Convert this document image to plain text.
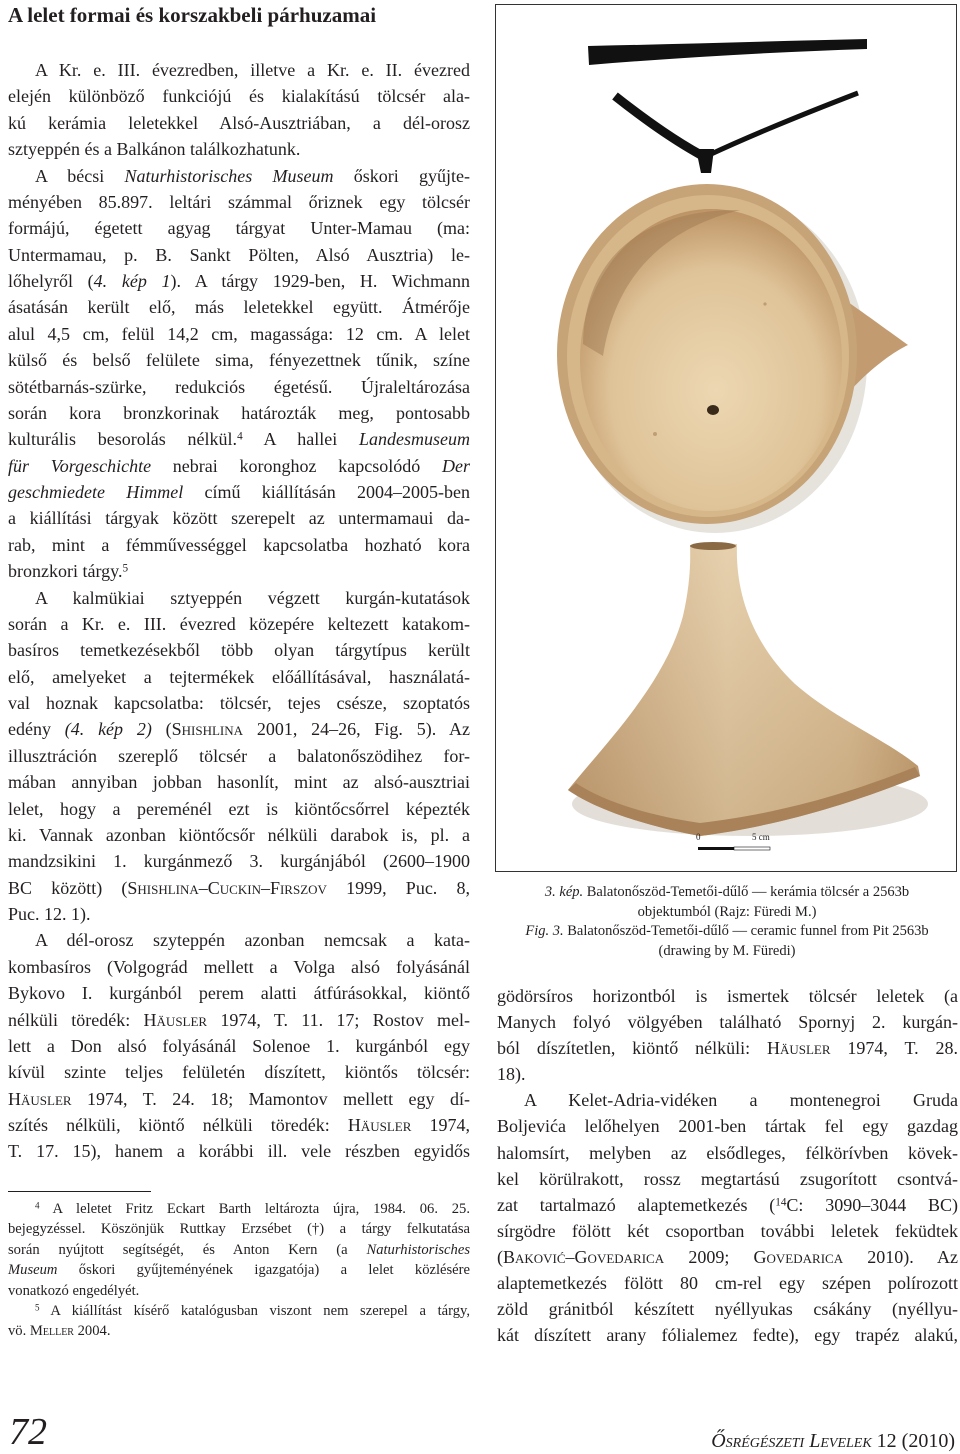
A lelet formai és korszakbeli párhuzamai
A Kr. e. III. évezredben, illetve a Kr. e. II. évezred
elején különböző funkciójú és kialakítású tölcsér ala-
kú kerámia leletekkel Alsó-Ausztriában, a dél-orosz
sztyeppén és a Balkánon találkozhatunk.
A bécsi Naturhistorisches Museum őskori gyűjte-
ményében 85.897. leltári számmal őriznek egy tölcsér
formájú, égetett agyag tárgyat Unter-Mamau (ma:
Untermamau, p. B. Sankt Pölten, Alsó Ausztria) le-
lőhelyről (4. kép 1). A tárgy 1929-ben, H. Wichmann
ásatásán került elő, más leletekkel együtt. Átmérője
alul 4,5 cm, felül 14,2 cm, magassága: 12 cm. A lelet
külső és belső felülete sima, fényezettnek tűnik, színe
sötétbarnás-szürke, redukciós égetésű. Újraleltározása
során kora bronzkorinak határozták meg, pontosabb
kulturális besorolás nélkül.$^4$ A hallei Landesmuseum
für Vorgeschichte nebrai koronghoz kapcsolódó Der
geschmiedete Himmel című kiállításán 2004–2005-ben
a kiállítási tárgyak között szerepelt az untermamaui da-
rab, mint a fémművességgel kapcsolatba hozható kora
bronzkori tárgy.$^5$
A kalmükiai sztyeppén végzett kurgán-kutatások
során a Kr. e. III. évezred közepére keltezett katakom-
basíros temetkezésekből több olyan tárgytípus került
elő, amelyeket a tejtermékek előállításával, használatá-
val hoznak kapcsolatba: tölcsér, tejes csésze, szoptatós
edény (4. kép 2) (Shishlina 2001, 24–26, Fig. 5). Az
illusztráción szereplő tölcsér a balatonőszödihez for-
mában annyiban jobban hasonlít, mint az alsó-ausztriai
lelet, hogy a pereménél ezt is kiöntőcsőrrel képezték
ki. Vannak azonban kiöntőcsőr nélküli darabok is, pl. a
mandzsikini 1. kurgánmező 3. kurgánjából (2600–1900
BC között) (Shishlina–Cuckin–Firszov 1999, Puc. 8,
Puc. 12. 1).
A dél-orosz szyteppén azonban nemcsak a kata-
kombasíros (Volgográd mellett a Volga alsó folyásánál
Bykovo I. kurgánból perem alatti átfúrásokkal, kiöntő
nélküli töredék: Häusler 1974, T. 11. 17; Rostov mel-
lett a Don alsó folyásánál Solenoe 1. kurgánból egy
kívül szinte teljes felületén díszített, kiöntős tölcsér:
Häusler 1974, T. 24. 18; Mamontov mellett egy dí-
szítés nélküli, kiöntő nélküli töredék: Häusler 1974,
T. 17. 15), hanem a korábbi ill. vele részben egyidős
$^4$ A leletet Fritz Eckart Barth leltározta újra, 1984. 06. 25.
bejegyzéssel. Köszönjük Ruttkay Erzsébet (†) a tárgy felkutatása
során nyújtott segítségét, és Anton Kern (a Naturhistorisches
Museum őskori gyűjteményének igazgatója) a lelet közlésére
vonatkozó engedélyét.
$^5$ A kiállítást kísérő katalógusban viszont nem szerepel a tárgy,
vö. Meller 2004.
72
0	5 cm
3. kép. Balatonőszöd-Temetői-dűlő — kerámia tölcsér a 2563b
objektumból (Rajz: Füredi M.)
Fig. 3. Balatonőszöd-Temetői-dűlő — ceramic funnel from Pit 2563b
(drawing by M. Füredi)
gödörsíros horizontból is ismertek tölcsér leletek (a
Manych folyó völgyében található Spornyj 2. kurgán-
ból díszítetlen, kiöntő nélküli: Häusler 1974, T. 28.
18).
A Kelet-Adria-vidéken a montenegroi Gruda
Boljevića lelőhelyen 2001-ben tártak fel egy gazdag
halomsírt, melyben az elsődleges, félkörívben kövek-
kel körülrakott, rossz megtartású zsugorított csontvá-
zat tartalmazó alaptemetkezés ($^{14}$C: 3090–3044 BC)
sírgödre fölött két csoportban további leletek feküdtek
(Baković–Govedarica 2009; Govedarica 2010). Az
alaptemetkezés fölött 80 cm-rel egy szépen polírozott
zöld gránitból készített nyéllyukas csákány (nyéllyu-
kát díszített arany fólialemez fedte), egy trapéz alakú,
Ősrégészeti Levelek 12 (2010)
